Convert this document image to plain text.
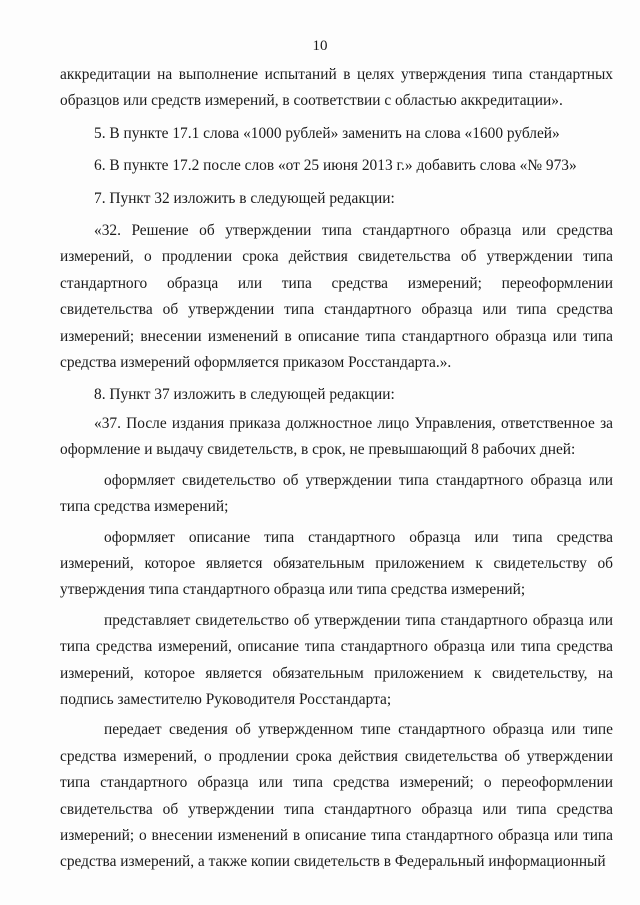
10

аккредитации на выполнение испытаний в целях утверждения типа стандартных образцов или средств измерений, в соответствии с областью аккредитации».

5. В пункте 17.1 слова «1000 рублей» заменить на слова «1600 рублей»

6. В пункте 17.2 после слов «от 25 июня 2013 г.» добавить слова «№ 973»

7. Пункт 32 изложить в следующей редакции:

«32. Решение об утверждении типа стандартного образца или средства измерений, о продлении срока действия свидетельства об утверждении типа стандартного образца или типа средства измерений; переоформлении свидетельства об утверждении типа стандартного образца или типа средства измерений; внесении изменений в описание типа стандартного образца или типа средства измерений оформляется приказом Росстандарта.».

8. Пункт 37 изложить в следующей редакции:

«37. После издания приказа должностное лицо Управления, ответственное за оформление и выдачу свидетельств, в срок, не превышающий 8 рабочих дней:

оформляет свидетельство об утверждении типа стандартного образца или типа средства измерений;

оформляет описание типа стандартного образца или типа средства измерений, которое является обязательным приложением к свидетельству об утверждения типа стандартного образца или типа средства измерений;

представляет свидетельство об утверждении типа стандартного образца или типа средства измерений, описание типа стандартного образца или типа средства измерений, которое является обязательным приложением к свидетельству, на подпись заместителю Руководителя Росстандарта;

передает сведения об утвержденном типе стандартного образца или типе средства измерений, о продлении срока действия свидетельства об утверждении типа стандартного образца или типа средства измерений; о переоформлении свидетельства об утверждении типа стандартного образца или типа средства измерений; о внесении изменений в описание типа стандартного образца или типа средства измерений, а также копии свидетельств в Федеральный информационный
